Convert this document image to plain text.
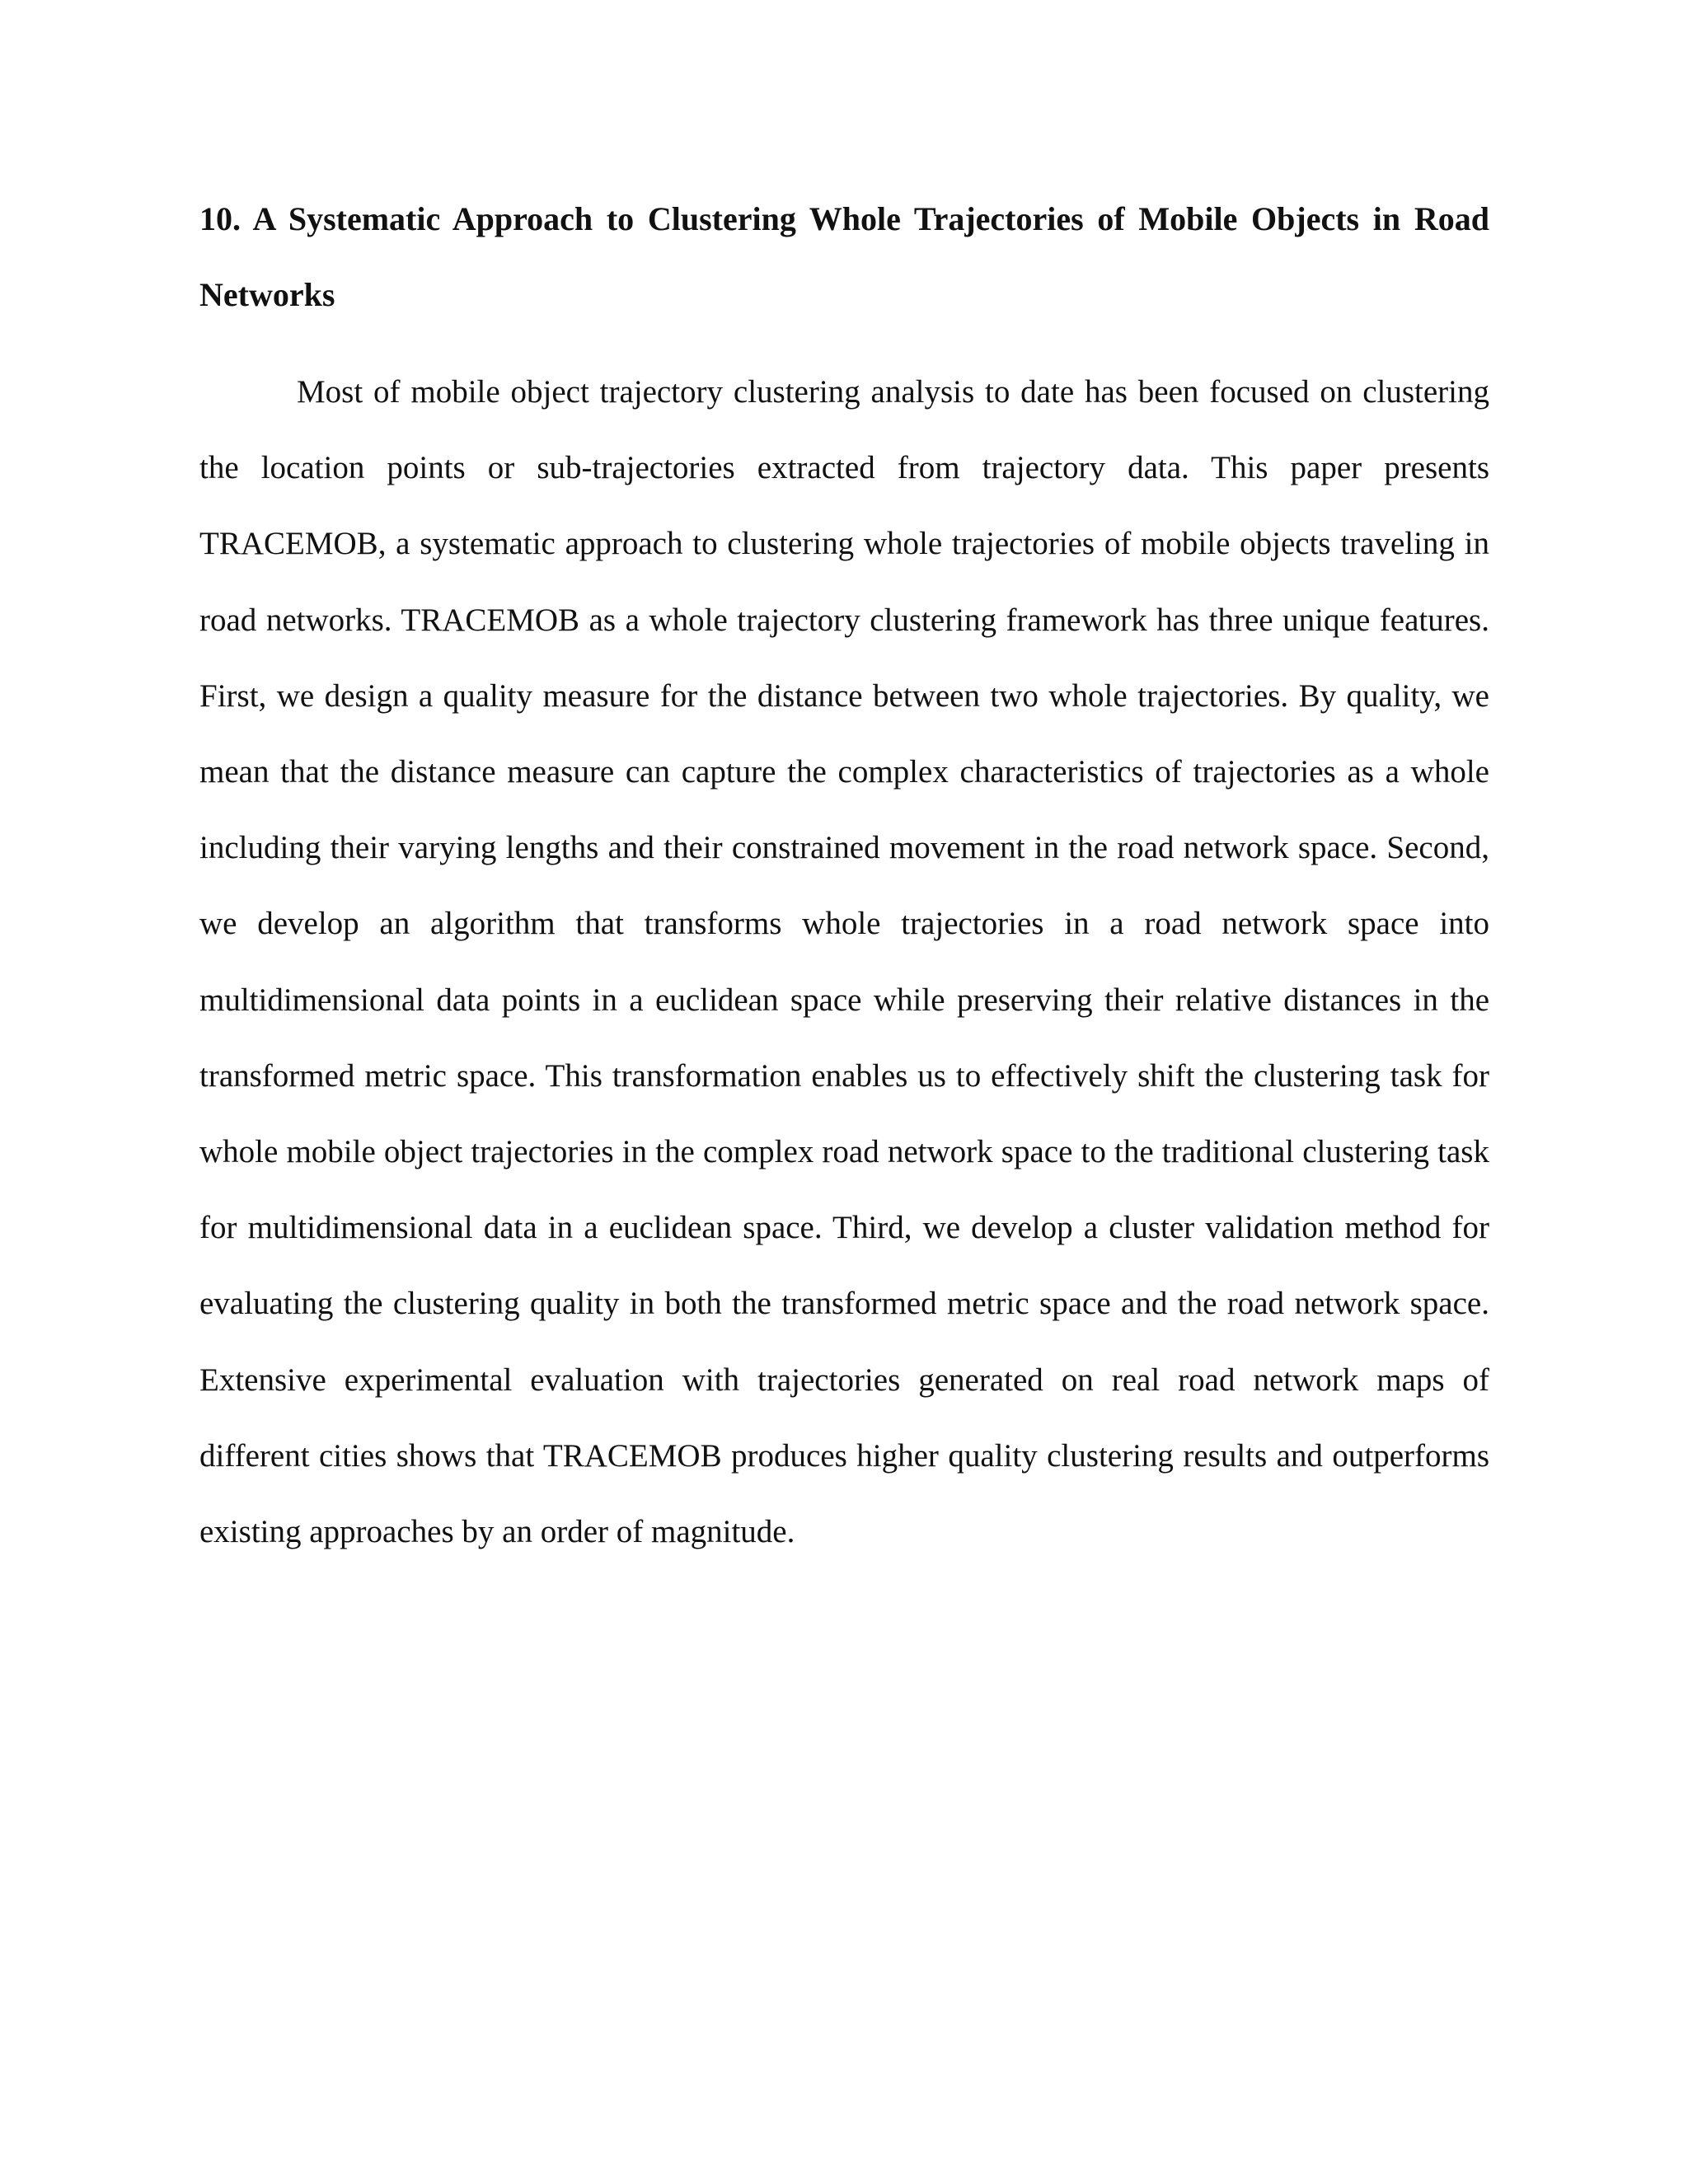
10. A Systematic Approach to Clustering Whole Trajectories of Mobile Objects in Road Networks

Most of mobile object trajectory clustering analysis to date has been focused on clustering the location points or sub-trajectories extracted from trajectory data. This paper presents TRACEMOB, a systematic approach to clustering whole trajectories of mobile objects traveling in road networks. TRACEMOB as a whole trajectory clustering framework has three unique features. First, we design a quality measure for the distance between two whole trajectories. By quality, we mean that the distance measure can capture the complex characteristics of trajectories as a whole including their varying lengths and their constrained movement in the road network space. Second, we develop an algorithm that transforms whole trajectories in a road network space into multidimensional data points in a euclidean space while preserving their relative distances in the transformed metric space. This transformation enables us to effectively shift the clustering task for whole mobile object trajectories in the complex road network space to the traditional clustering task for multidimensional data in a euclidean space. Third, we develop a cluster validation method for evaluating the clustering quality in both the transformed metric space and the road network space. Extensive experimental evaluation with trajectories generated on real road network maps of different cities shows that TRACEMOB produces higher quality clustering results and outperforms existing approaches by an order of magnitude.
